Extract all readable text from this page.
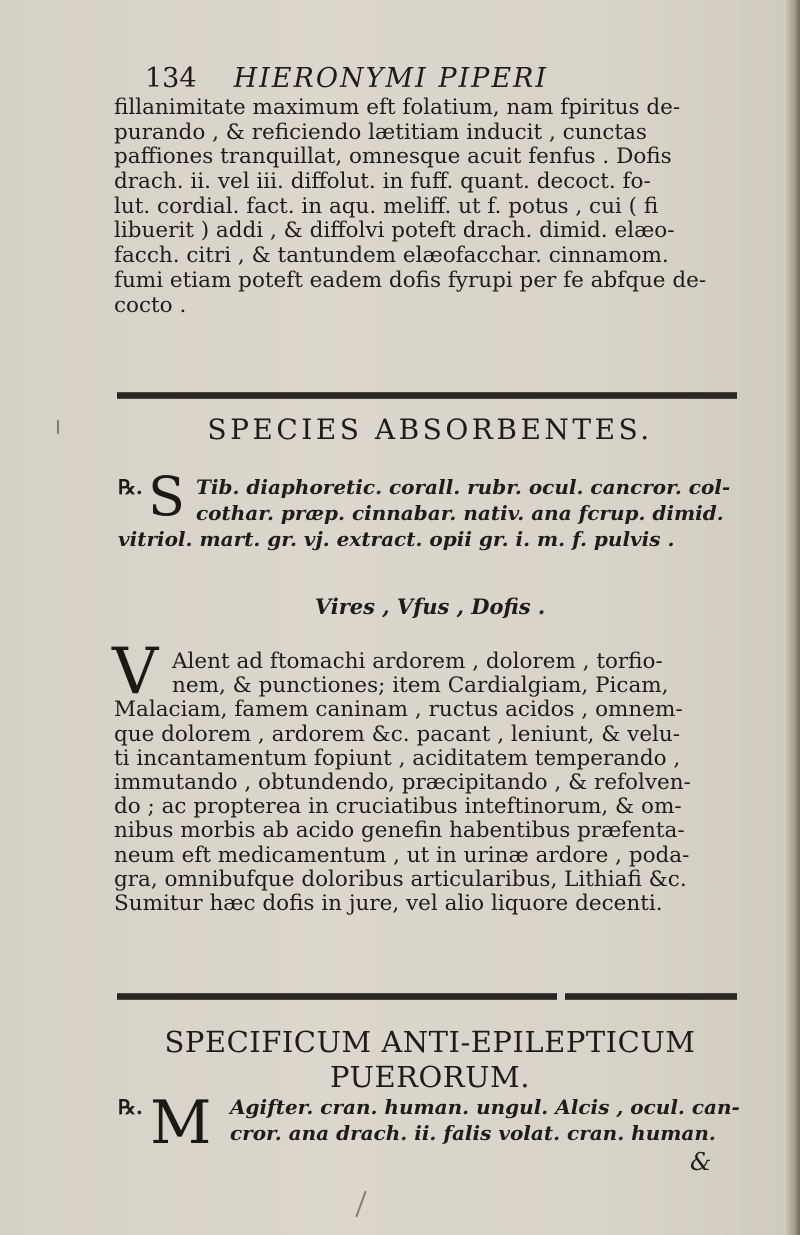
134 HIERONYMI PIPERI
fillanimitate maximum eft folatium, nam fpiritus de-
purando , & reficiendo lætitiam inducit , cunctas
paffiones tranquillat, omnesque acuit fenfus . Dofis
drach. ii. vel iii. diffolut. in fuff. quant. decoct. fo-
lut. cordial. fact. in aqu. meliff. ut f. potus , cui ( fi
libuerit ) addi , & diffolvi poteft drach. dimid. elæo-
facch. citri , & tantundem elæofacchar. cinnamom.
fumi etiam poteft eadem dofis fyrupi per fe abfque de-
cocto .
SPECIES ABSORBENTES.
℞.	Tib. diaphoretic. corall. rubr. ocul. cancror. col-
cothar. præp. cinnabar. nativ. ana fcrup. dimid.
vitriol. mart. gr. vj. extract. opii gr. i. m. f. pulvis .
S
Vires , Vfus , Dofis .
V Alent ad ftomachi ardorem , dolorem , torfio-
nem, & punctiones; item Cardialgiam, Picam,
Malaciam, famem caninam , ructus acidos , omnem-
que dolorem , ardorem &c. pacant , leniunt, & velu-
ti incantamentum fopiunt , aciditatem temperando ,
immutando , obtundendo, præcipitando , & refolven-
do ; ac propterea in cruciatibus inteftinorum, & om-
nibus morbis ab acido genefin habentibus præfenta-
neum eft medicamentum , ut in urinæ ardore , poda-
gra, omnibufque doloribus articularibus, Lithiafi &c.
Sumitur hæc dofis in jure, vel alio liquore decenti.
SPECIFICUM ANTI-EPILEPTICUM
PUERORUM.
℞.	Agifter. cran. human. ungul. Alcis , ocul. can-
cror. ana drach. ii. falis volat. cran. human.
M
&
